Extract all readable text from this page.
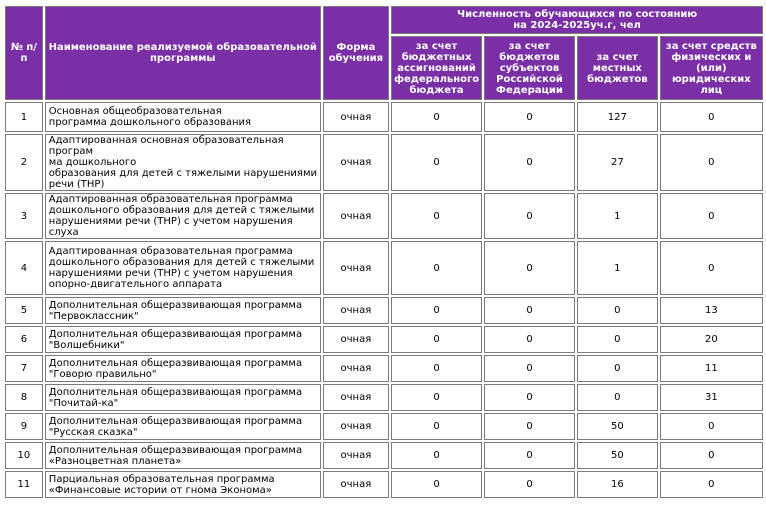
№ п/п	Наименование реализуемой образовательной программы	Форма обучения	Численность обучающихся по состоянию
на 2024-2025уч.г, чел			

			за счет бюджетных ассигнований федерального бюджета	за счет бюджетов субъектов Российской Федерации	за счет местных бюджетов	за счет средств физических и (или) юридических лиц
1	Основная общеобразовательная
программа дошкольного образования	очная	0	0	127	0
2	Адаптированная основная образовательная програм
ма дошкольного
образования для детей с тяжелыми нарушениями
речи (ТНР)	очная	0	0	27	0
3	Адаптированная образовательная программа
дошкольного образования для детей с тяжелыми
нарушениями речи (ТНР) с учетом нарушения слуха	очная	0	0	1	0
4	Адаптированная образовательная программа
дошкольного образования для детей с тяжелыми
нарушениями речи (ТНР) с учетом нарушения
опорно-двигательного аппарата	очная	0	0	1	0
5	Дополнительная общеразвивающая программа
"Первоклассник"	очная	0	0	0	13
6	Дополнительная общеразвивающая программа
"Волшебники"	очная	0	0	0	20
7	Дополнительная общеразвивающая программа
"Говорю правильно"	очная	0	0	0	11
8	Дополнительная общеразвивающая программа
"Почитай-ка"	очная	0	0	0	31
9	Дополнительная общеразвивающая программа
"Русская сказка"	очная	0	0	50	0
10	Дополнительная общеразвивающая программа
«Разноцветная планета»	очная	0	0	50	0
11	Парциальная образовательная программа
«Финансовые истории от гнома Эконома»	очная	0	0	16	0
